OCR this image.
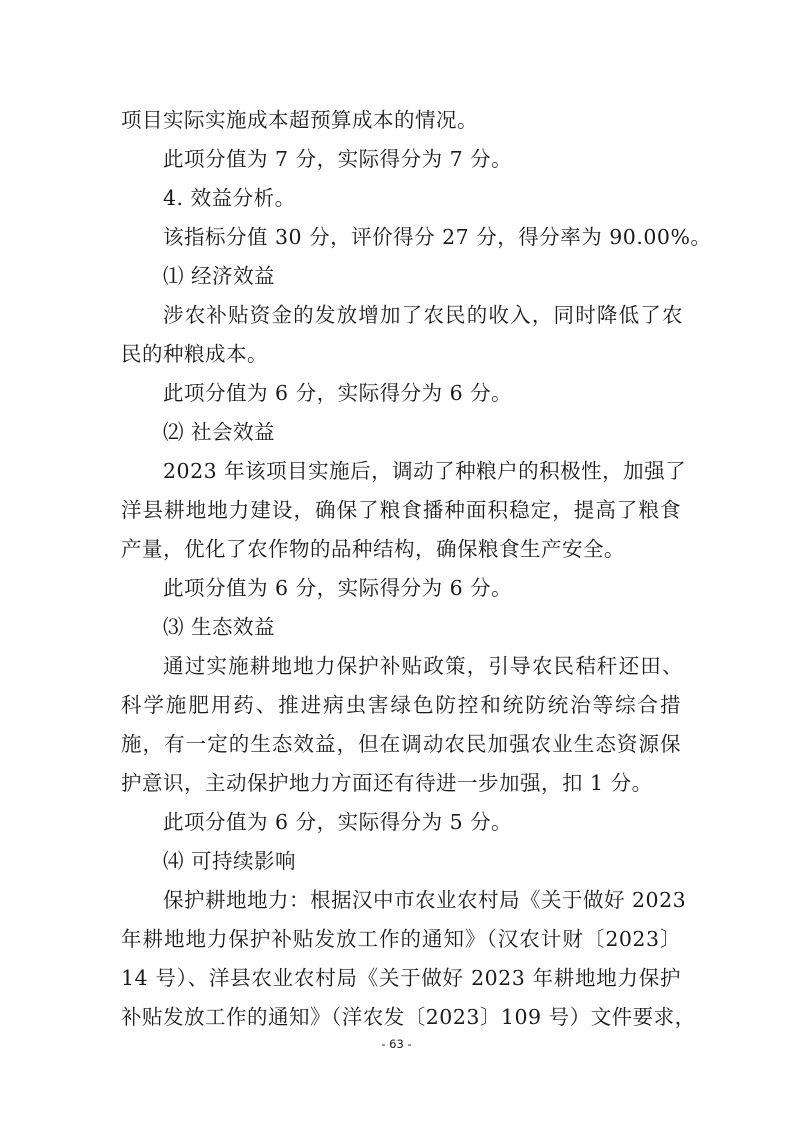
项目实际实施成本超预算成本的情况。
此项分值为 7 分，实际得分为 7 分。
4. 效益分析。
该指标分值 30 分，评价得分 27 分，得分率为 90.00%。
⑴ 经济效益
涉农补贴资金的发放增加了农民的收入，同时降低了农
民的种粮成本。
此项分值为 6 分，实际得分为 6 分。
⑵ 社会效益
2023 年该项目实施后，调动了种粮户的积极性，加强了
洋县耕地地力建设，确保了粮食播种面积稳定，提高了粮食
产量，优化了农作物的品种结构，确保粮食生产安全。
此项分值为 6 分，实际得分为 6 分。
⑶ 生态效益
通过实施耕地地力保护补贴政策，引导农民秸秆还田、
科学施肥用药、推进病虫害绿色防控和统防统治等综合措
施，有一定的生态效益，但在调动农民加强农业生态资源保
护意识，主动保护地力方面还有待进一步加强，扣 1 分。
此项分值为 6 分，实际得分为 5 分。
⑷ 可持续影响
保护耕地地力：根据汉中市农业农村局《关于做好 2023
年耕地地力保护补贴发放工作的通知》（汉农计财〔2023〕
14 号）、洋县农业农村局《关于做好 2023 年耕地地力保护
补贴发放工作的通知》（洋农发〔2023〕109 号）文件要求，
- 63 -
